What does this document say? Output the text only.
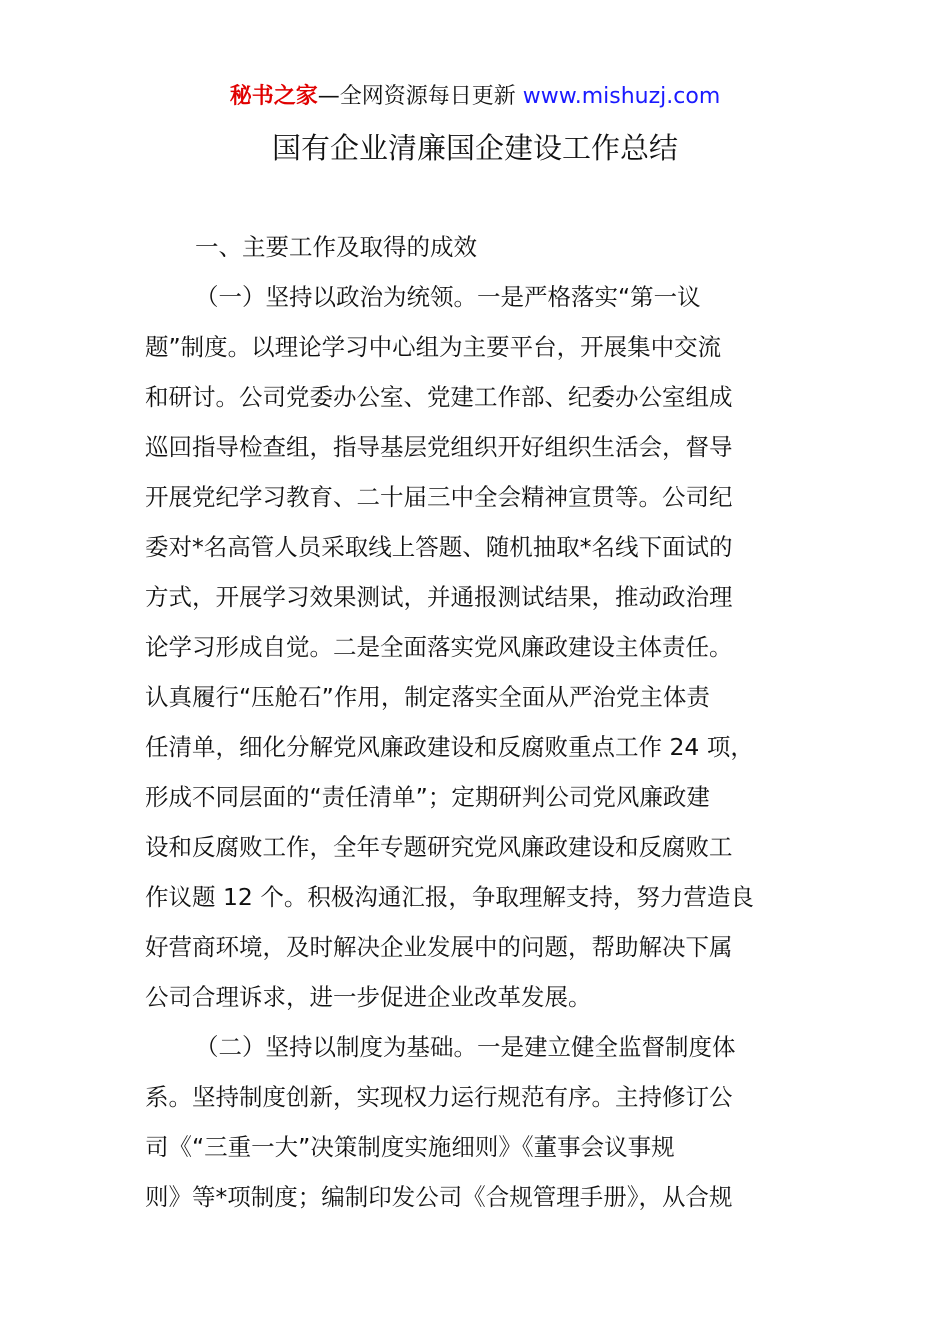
秘书之家—全网资源每日更新 www.mishuzj.com
国有企业清廉国企建设工作总结
一、主要工作及取得的成效
（一）坚持以政治为统领。一是严格落实“第一议
题”制度。以理论学习中心组为主要平台，开展集中交流
和研讨。公司党委办公室、党建工作部、纪委办公室组成
巡回指导检查组，指导基层党组织开好组织生活会，督导
开展党纪学习教育、二十届三中全会精神宣贯等。公司纪
委对*名高管人员采取线上答题、随机抽取*名线下面试的
方式，开展学习效果测试，并通报测试结果，推动政治理
论学习形成自觉。二是全面落实党风廉政建设主体责任。
认真履行“压舱石”作用，制定落实全面从严治党主体责
任清单，细化分解党风廉政建设和反腐败重点工作 24 项，
形成不同层面的“责任清单”；定期研判公司党风廉政建
设和反腐败工作，全年专题研究党风廉政建设和反腐败工
作议题 12 个。积极沟通汇报，争取理解支持，努力营造良
好营商环境，及时解决企业发展中的问题，帮助解决下属
公司合理诉求，进一步促进企业改革发展。
（二）坚持以制度为基础。一是建立健全监督制度体
系。坚持制度创新，实现权力运行规范有序。主持修订公
司《“三重一大”决策制度实施细则》《董事会议事规
则》等*项制度；编制印发公司《合规管理手册》，从合规
